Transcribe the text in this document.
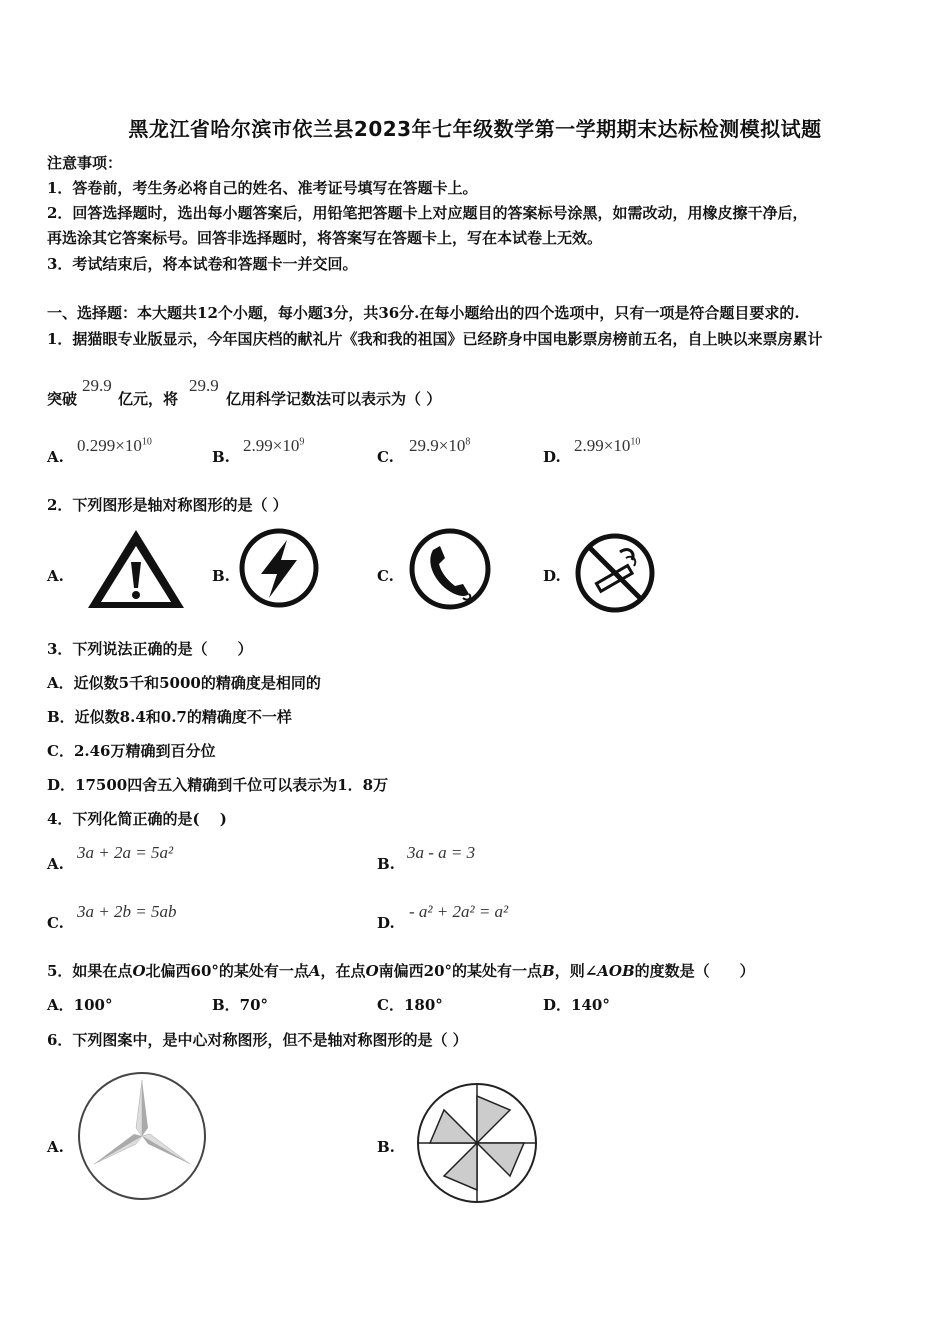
黑龙江省哈尔滨市依兰县2023年七年级数学第一学期期末达标检测模拟试题
注意事项：
1．答卷前，考生务必将自己的姓名、准考证号填写在答题卡上。
2．回答选择题时，选出每小题答案后，用铅笔把答题卡上对应题目的答案标号涂黑，如需改动，用橡皮擦干净后，
再选涂其它答案标号。回答非选择题时，将答案写在答题卡上，写在本试卷上无效。
3．考试结束后，将本试卷和答题卡一并交回。
一、选择题：本大题共12个小题，每小题3分，共36分.在每小题给出的四个选项中，只有一项是符合题目要求的.
1．据猫眼专业版显示，今年国庆档的献礼片《我和我的祖国》已经跻身中国电影票房榜前五名，自上映以来票房累计
突破
29.9
亿元，将
29.9
亿用科学记数法可以表示为（ ）
A.
$0.299\times 10^{10}$
B.
$2.99\times 10^9$
C.
$29.9\times 10^8$
D.
$2.99\times 10^{10}$
2．下列图形是轴对称图形的是（ ）
A.	B.	C.	D.
3．下列说法正确的是（　　）
A．近似数5千和5000的精确度是相同的
B．近似数8.4和0.7的精确度不一样
C．2.46万精确到百分位
D．17500四舍五入精确到千位可以表示为1．8万
4．下列化简正确的是(　 )
A.
3a + 2a = 5a²
B.
3a - a = 3
C.
3a + 2b = 5ab
D.
- a² + 2a² = a²
5．如果在点O北偏西60°的某处有一点A，在点O南偏西20°的某处有一点B，则∠AOB的度数是（　　）
A．100°	B．70°	C．180°	D．140°
6．下列图案中，是中心对称图形，但不是轴对称图形的是（ ）
A.	B.
